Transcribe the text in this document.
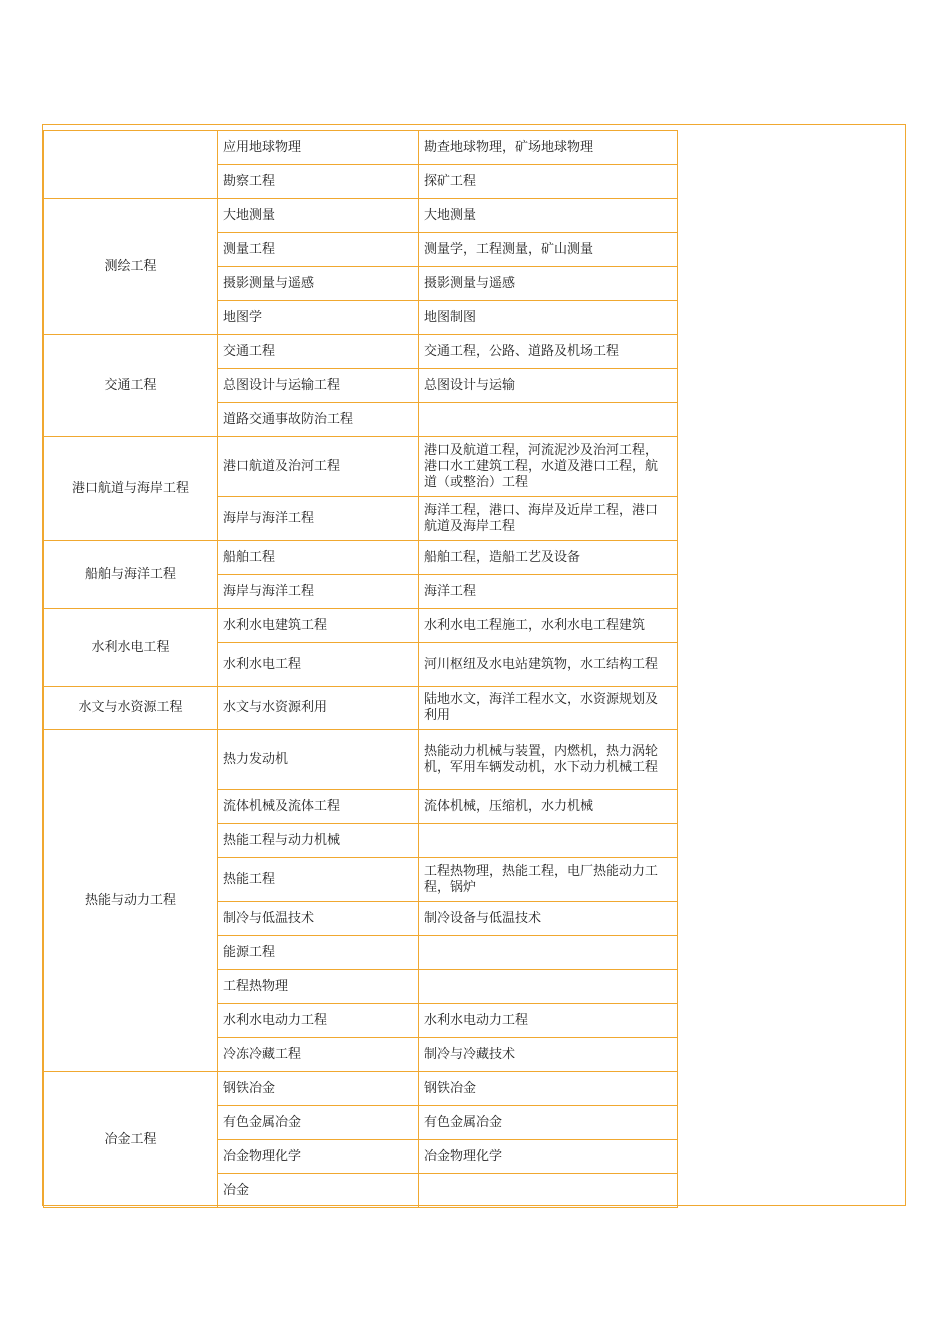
	应用地球物理	勘查地球物理，矿场地球物理
	勘察工程	探矿工程
测绘工程	大地测量	大地测量
	测量工程	测量学，工程测量，矿山测量
	摄影测量与遥感	摄影测量与遥感
	地图学	地图制图
交通工程	交通工程	交通工程，公路、道路及机场工程
	总图设计与运输工程	总图设计与运输
	道路交通事故防治工程	
港口航道与海岸工程	港口航道及治河工程	港口及航道工程，河流泥沙及治河工程，港口水工建筑工程，水道及港口工程，航道（或整治）工程
	海岸与海洋工程	海洋工程，港口、海岸及近岸工程，港口航道及海岸工程
船舶与海洋工程	船舶工程	船舶工程，造船工艺及设备
	海岸与海洋工程	海洋工程
水利水电工程	水利水电建筑工程	水利水电工程施工，水利水电工程建筑
	水利水电工程	河川枢纽及水电站建筑物，水工结构工程
水文与水资源工程	水文与水资源利用	陆地水文，海洋工程水文，水资源规划及利用
热能与动力工程	热力发动机	热能动力机械与装置，内燃机，热力涡轮机，军用车辆发动机，水下动力机械工程
	流体机械及流体工程	流体机械，压缩机，水力机械
	热能工程与动力机械	
	热能工程	工程热物理，热能工程，电厂热能动力工程，锅炉
	制冷与低温技术	制冷设备与低温技术
	能源工程	
	工程热物理	
	水利水电动力工程	水利水电动力工程
	冷冻冷藏工程	制冷与冷藏技术
冶金工程	钢铁冶金	钢铁冶金
	有色金属冶金	有色金属冶金
	冶金物理化学	冶金物理化学
	冶金	
